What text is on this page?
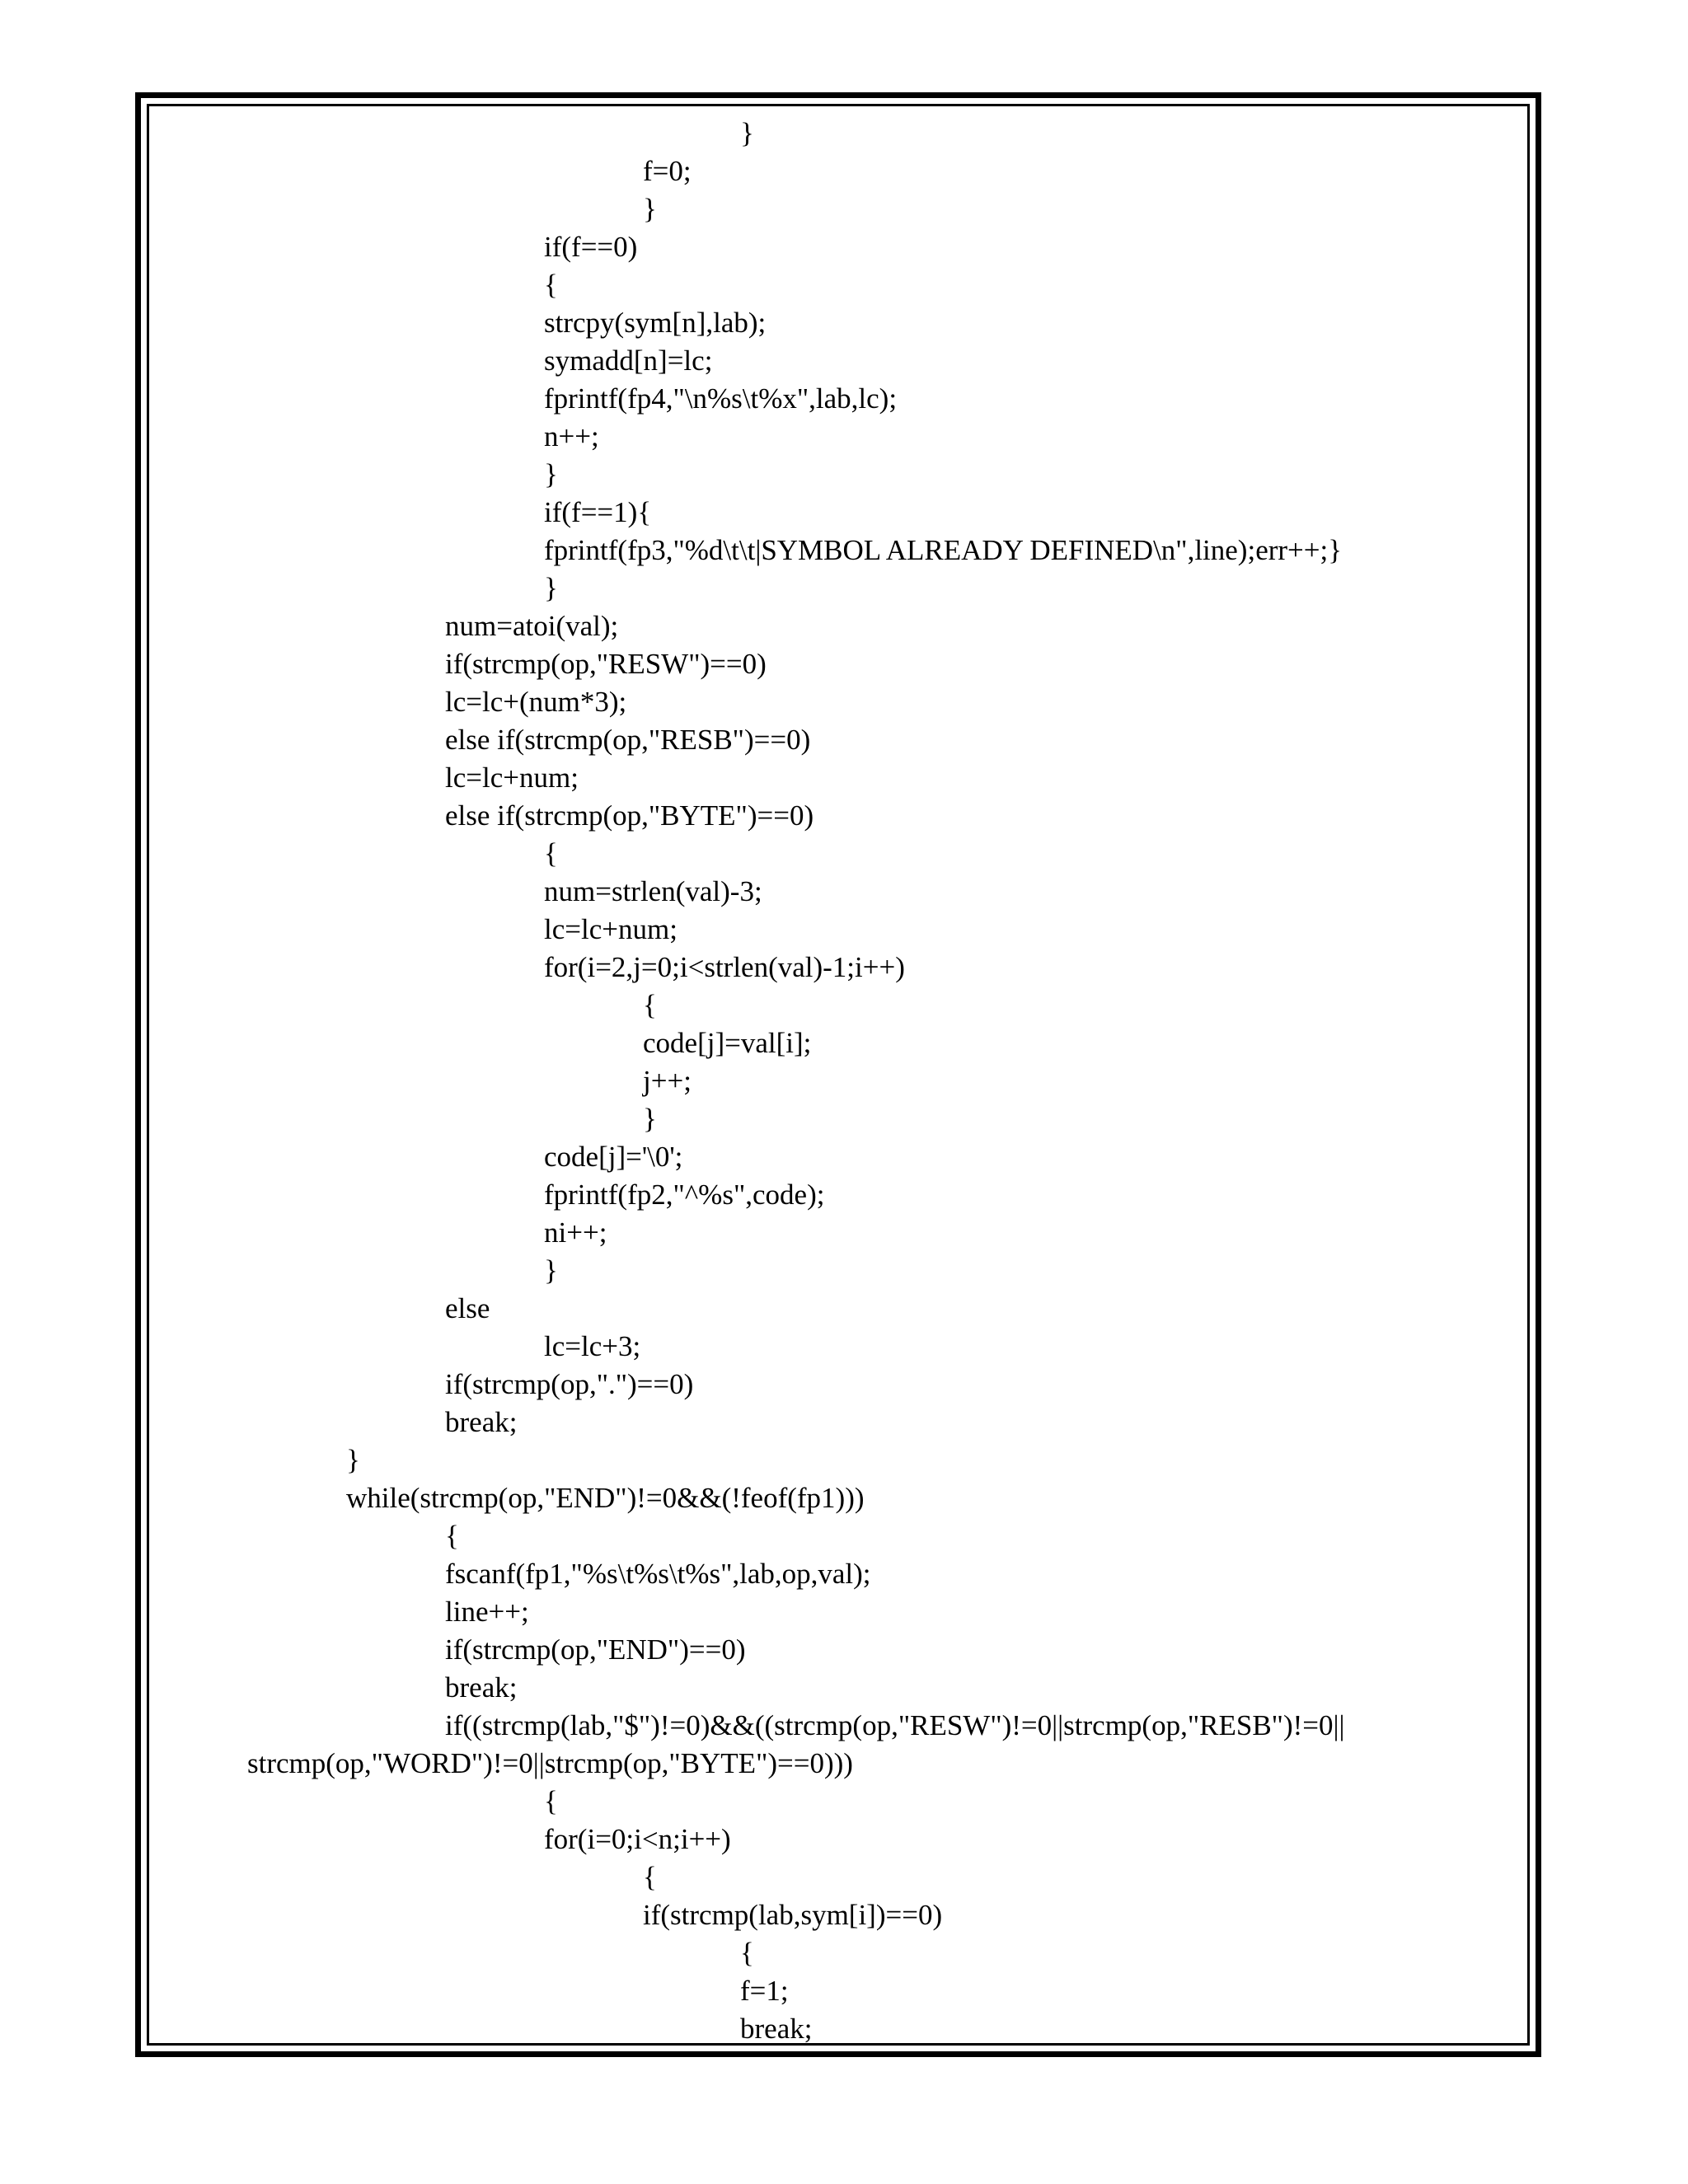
}
f=0;
}
if(f==0)
{
strcpy(sym[n],lab);
symadd[n]=lc;
fprintf(fp4,"\n%s\t%x",lab,lc);
n++;
}
if(f==1){
fprintf(fp3,"%d\t\t|SYMBOL ALREADY DEFINED\n",line);err++;}
}
num=atoi(val);
if(strcmp(op,"RESW")==0)
lc=lc+(num*3);
else if(strcmp(op,"RESB")==0)
lc=lc+num;
else if(strcmp(op,"BYTE")==0)
{
num=strlen(val)-3;
lc=lc+num;
for(i=2,j=0;i<strlen(val)-1;i++)
{
code[j]=val[i];
j++;
}
code[j]='\0';
fprintf(fp2,"^%s",code);
ni++;
}
else
lc=lc+3;
if(strcmp(op,".")==0)
break;
}
while(strcmp(op,"END")!=0&&(!feof(fp1)))
{
fscanf(fp1,"%s\t%s\t%s",lab,op,val);
line++;
if(strcmp(op,"END")==0)
break;
if((strcmp(lab,"$")!=0)&&((strcmp(op,"RESW")!=0||strcmp(op,"RESB")!=0||
strcmp(op,"WORD")!=0||strcmp(op,"BYTE")==0)))
{
for(i=0;i<n;i++)
{
if(strcmp(lab,sym[i])==0)
{
f=1;
break;
